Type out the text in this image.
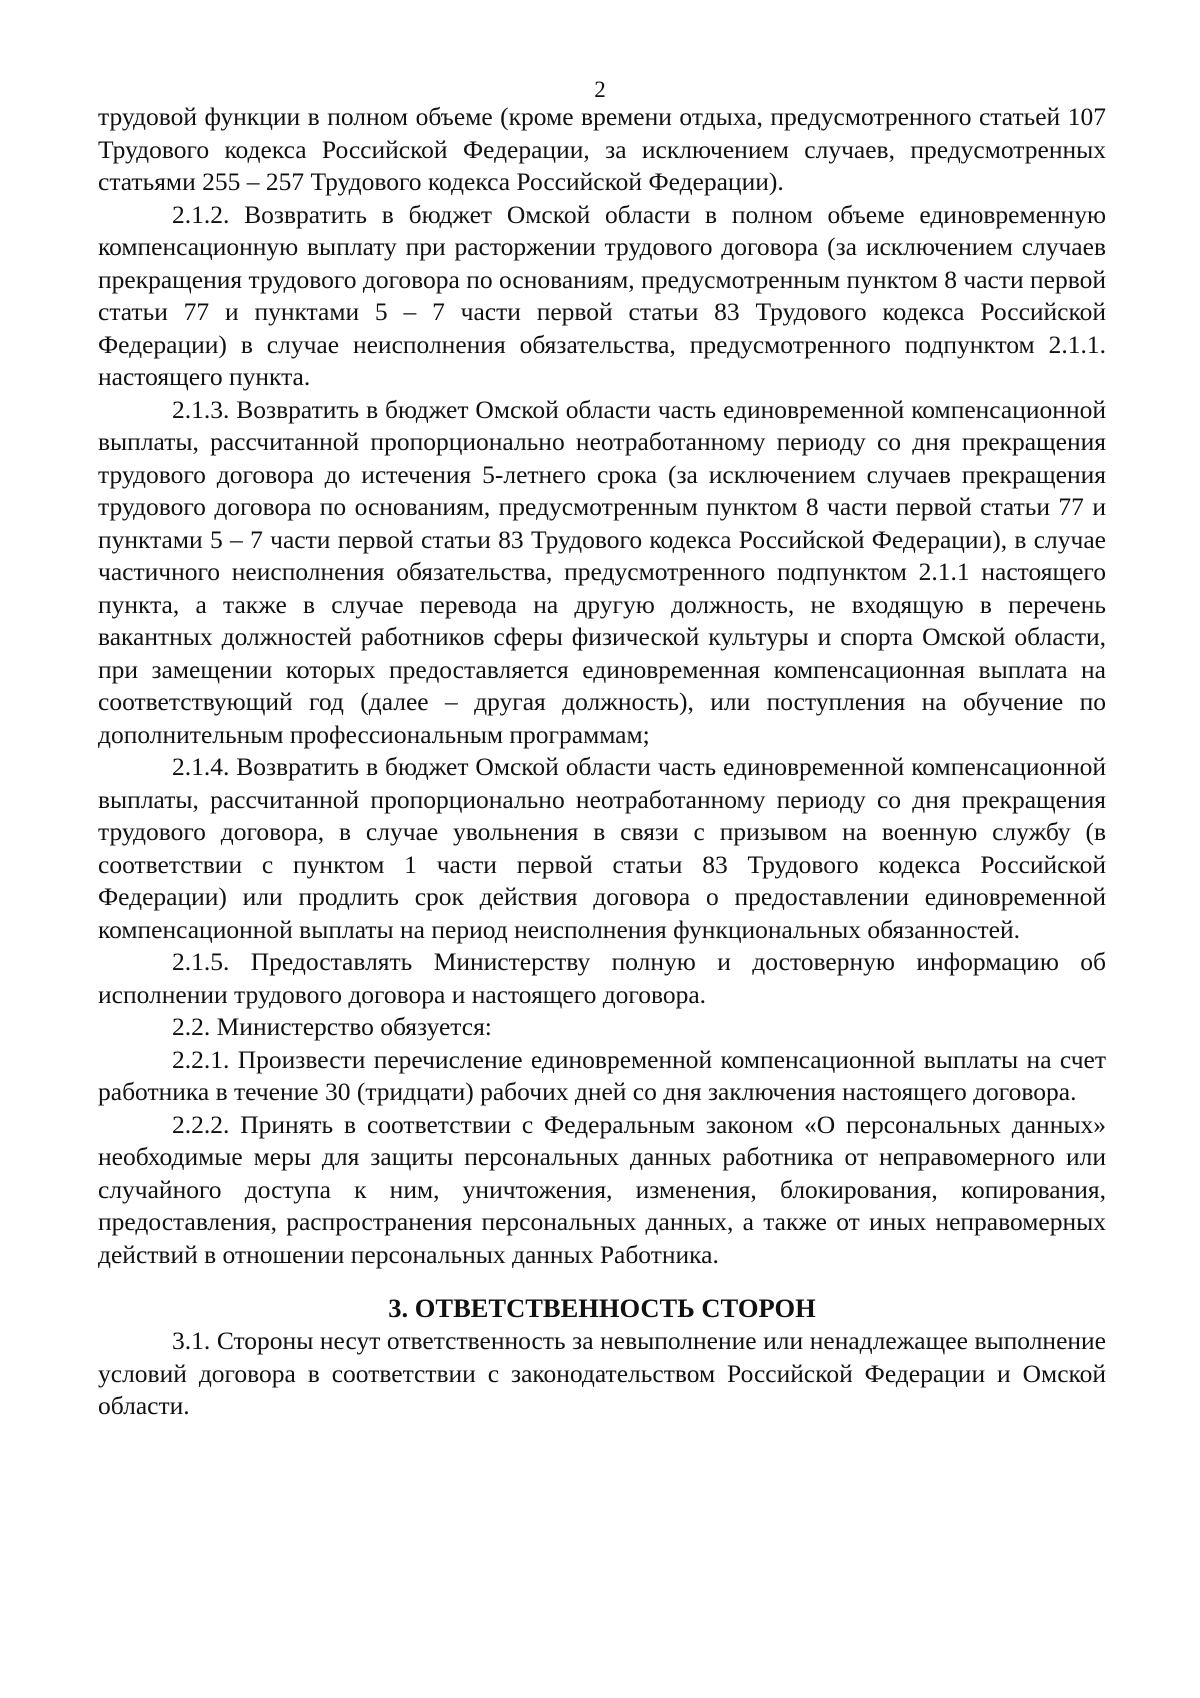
2

трудовой функции в полном объеме (кроме времени отдыха, предусмотренного статьей 107 Трудового кодекса Российской Федерации, за исключением случаев, предусмотренных статьями 255 – 257 Трудового кодекса Российской Федерации).

2.1.2. Возвратить в бюджет Омской области в полном объеме единовременную компенсационную выплату при расторжении трудового договора (за исключением случаев прекращения трудового договора по основаниям, предусмотренным пунктом 8 части первой статьи 77 и пунктами 5 – 7 части первой статьи 83 Трудового кодекса Российской Федерации) в случае неисполнения обязательства, предусмотренного подпунктом 2.1.1. настоящего пункта.

2.1.3. Возвратить в бюджет Омской области часть единовременной компенсационной выплаты, рассчитанной пропорционально неотработанному периоду со дня прекращения трудового договора до истечения 5-летнего срока (за исключением случаев прекращения трудового договора по основаниям, предусмотренным пунктом 8 части первой статьи 77 и пунктами 5 – 7 части первой статьи 83 Трудового кодекса Российской Федерации), в случае частичного неисполнения обязательства, предусмотренного подпунктом 2.1.1 настоящего пункта, а также в случае перевода на другую должность, не входящую в перечень вакантных должностей работников сферы физической культуры и спорта Омской области, при замещении которых предоставляется единовременная компенсационная выплата на соответствующий год (далее – другая должность), или поступления на обучение по дополнительным профессиональным программам;

2.1.4. Возвратить в бюджет Омской области часть единовременной компенсационной выплаты, рассчитанной пропорционально неотработанному периоду со дня прекращения трудового договора, в случае увольнения в связи с призывом на военную службу (в соответствии с пунктом 1 части первой статьи 83 Трудового кодекса Российской Федерации) или продлить срок действия договора о предоставлении единовременной компенсационной выплаты на период неисполнения функциональных обязанностей.

2.1.5. Предоставлять Министерству полную и достоверную информацию об исполнении трудового договора и настоящего договора.

2.2. Министерство обязуется:

2.2.1. Произвести перечисление единовременной компенсационной выплаты на счет работника в течение 30 (тридцати) рабочих дней со дня заключения настоящего договора.

2.2.2. Принять в соответствии с Федеральным законом «О персональных данных» необходимые меры для защиты персональных данных работника от неправомерного или случайного доступа к ним, уничтожения, изменения, блокирования, копирования, предоставления, распространения персональных данных, а также от иных неправомерных действий в отношении персональных данных Работника.

3. ОТВЕТСТВЕННОСТЬ СТОРОН

3.1. Стороны несут ответственность за невыполнение или ненадлежащее выполнение условий договора в соответствии с законодательством Российской Федерации и Омской области.
